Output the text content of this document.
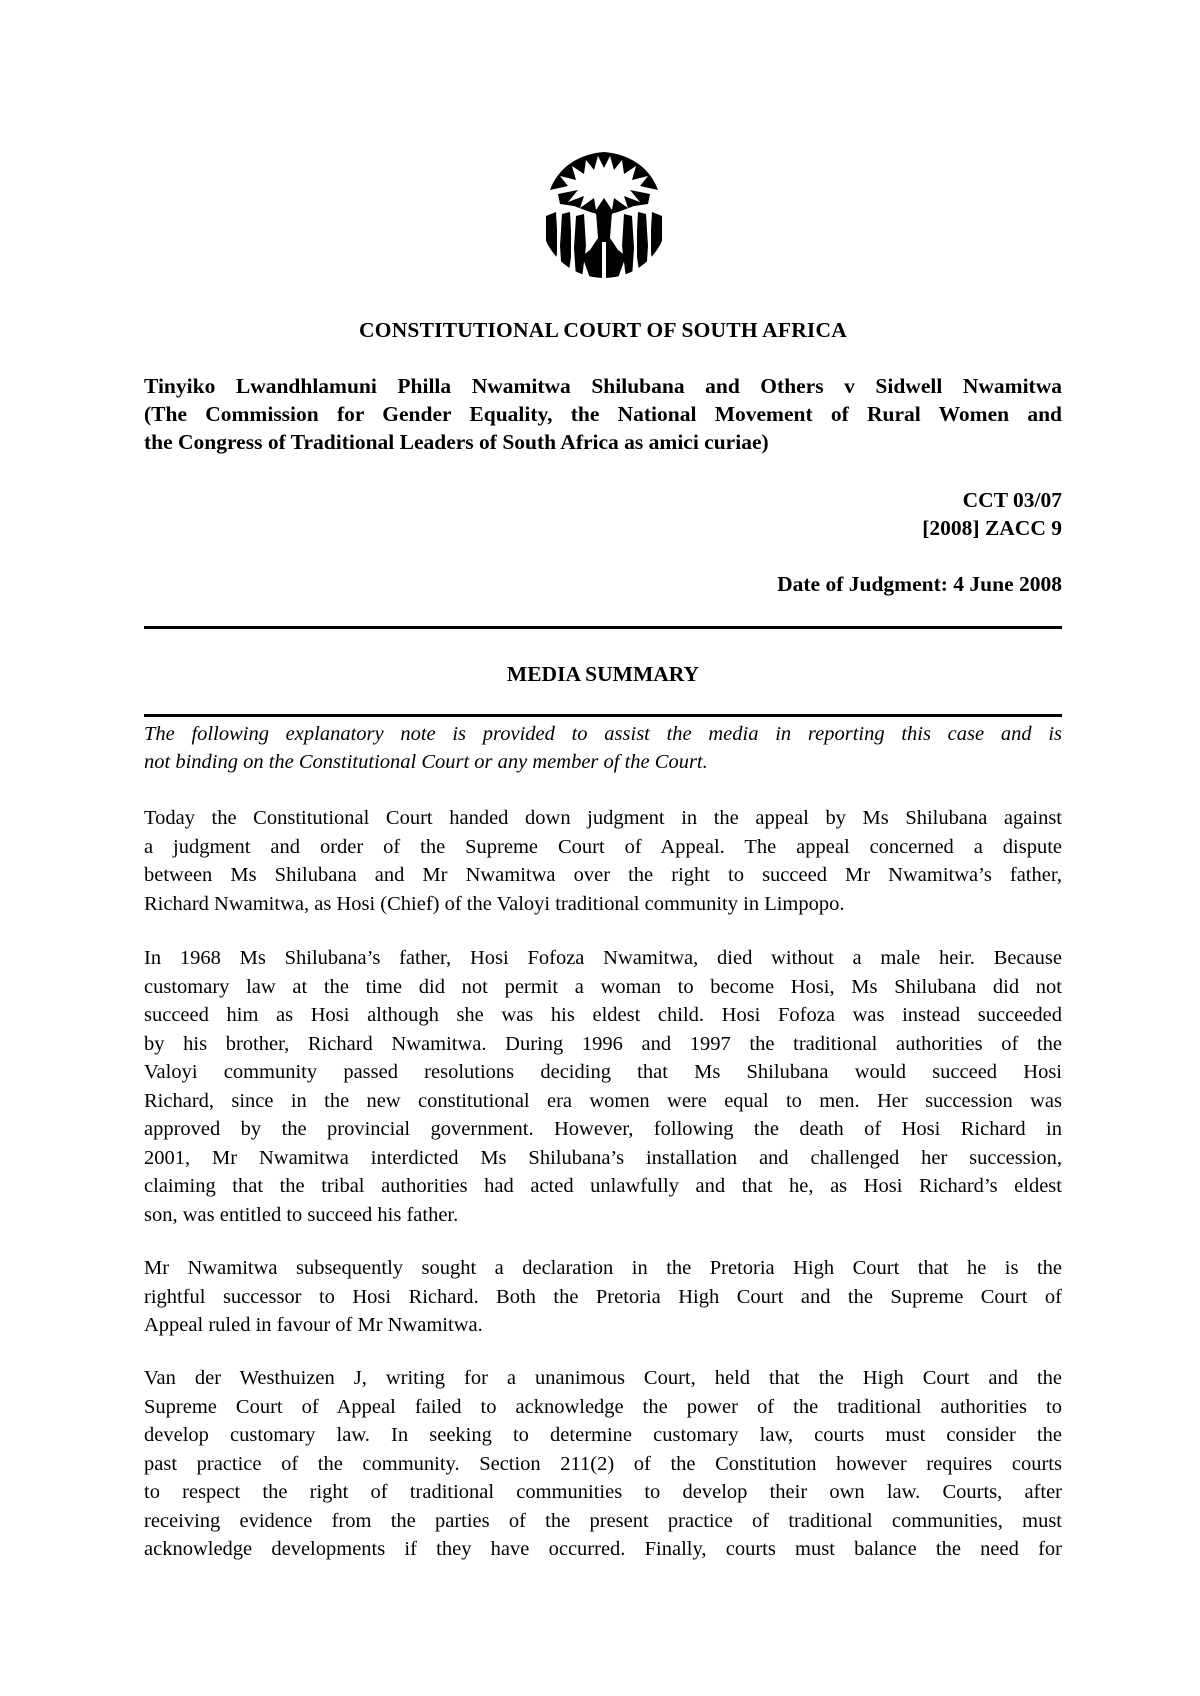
CONSTITUTIONAL COURT OF SOUTH AFRICA
Tinyiko Lwandhlamuni Philla Nwamitwa Shilubana and Others v Sidwell Nwamitwa
(The Commission for Gender Equality, the National Movement of Rural Women and
the Congress of Traditional Leaders of South Africa as amici curiae)
CCT 03/07
[2008] ZACC 9
Date of Judgment: 4 June 2008
MEDIA SUMMARY
The following explanatory note is provided to assist the media in reporting this case and is
not binding on the Constitutional Court or any member of the Court.
Today the Constitutional Court handed down judgment in the appeal by Ms Shilubana against
a judgment and order of the Supreme Court of Appeal. The appeal concerned a dispute
between Ms Shilubana and Mr Nwamitwa over the right to succeed Mr Nwamitwa’s father,
Richard Nwamitwa, as Hosi (Chief) of the Valoyi traditional community in Limpopo.
In 1968 Ms Shilubana’s father, Hosi Fofoza Nwamitwa, died without a male heir. Because
customary law at the time did not permit a woman to become Hosi, Ms Shilubana did not
succeed him as Hosi although she was his eldest child. Hosi Fofoza was instead succeeded
by his brother, Richard Nwamitwa. During 1996 and 1997 the traditional authorities of the
Valoyi community passed resolutions deciding that Ms Shilubana would succeed Hosi
Richard, since in the new constitutional era women were equal to men. Her succession was
approved by the provincial government. However, following the death of Hosi Richard in
2001, Mr Nwamitwa interdicted Ms Shilubana’s installation and challenged her succession,
claiming that the tribal authorities had acted unlawfully and that he, as Hosi Richard’s eldest
son, was entitled to succeed his father.
Mr Nwamitwa subsequently sought a declaration in the Pretoria High Court that he is the
rightful successor to Hosi Richard. Both the Pretoria High Court and the Supreme Court of
Appeal ruled in favour of Mr Nwamitwa.
Van der Westhuizen J, writing for a unanimous Court, held that the High Court and the
Supreme Court of Appeal failed to acknowledge the power of the traditional authorities to
develop customary law. In seeking to determine customary law, courts must consider the
past practice of the community. Section 211(2) of the Constitution however requires courts
to respect the right of traditional communities to develop their own law. Courts, after
receiving evidence from the parties of the present practice of traditional communities, must
acknowledge developments if they have occurred. Finally, courts must balance the need for
